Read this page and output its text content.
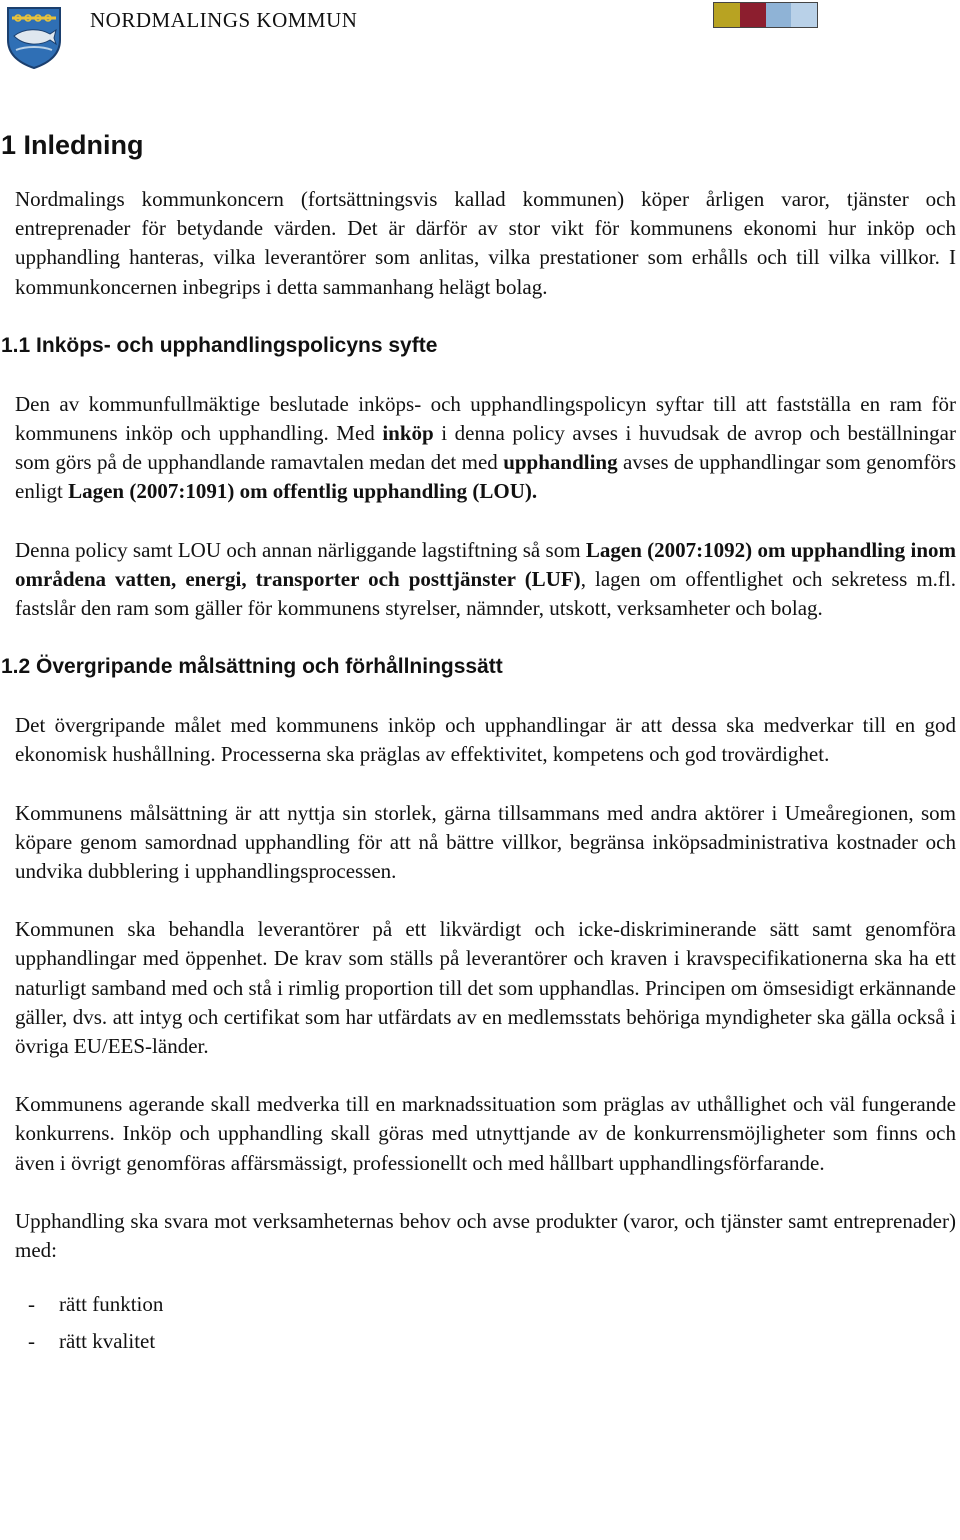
NORDMALINGS KOMMUN
1 Inledning

Nordmalings kommunkoncern (fortsättningsvis kallad kommunen) köper årligen varor, tjänster och entreprenader för betydande värden. Det är därför av stor vikt för kommunens ekonomi hur inköp och upphandling hanteras, vilka leverantörer som anlitas, vilka prestationer som erhålls och till vilka villkor. I kommunkoncernen inbegrips i detta sammanhang helägt bolag.

1.1 Inköps- och upphandlingspolicyns syfte

Den av kommunfullmäktige beslutade inköps- och upphandlingspolicyn syftar till att fastställa en ram för kommunens inköp och upphandling. Med inköp i denna policy avses i huvudsak de avrop och beställningar som görs på de upphandlande ramavtalen medan det med upphandling avses de upphandlingar som genomförs enligt Lagen (2007:1091) om offentlig upphandling (LOU).

Denna policy samt LOU och annan närliggande lagstiftning så som Lagen (2007:1092) om upphandling inom områdena vatten, energi, transporter och posttjänster (LUF), lagen om offentlighet och sekretess m.fl. fastslår den ram som gäller för kommunens styrelser, nämnder, utskott, verksamheter och bolag.

1.2 Övergripande målsättning och förhållningssätt

Det övergripande målet med kommunens inköp och upphandlingar är att dessa ska medverkar till en god ekonomisk hushållning. Processerna ska präglas av effektivitet, kompetens och god trovärdighet.

Kommunens målsättning är att nyttja sin storlek, gärna tillsammans med andra aktörer i Umeåregionen, som köpare genom samordnad upphandling för att nå bättre villkor, begränsa inköpsadministrativa kostnader och undvika dubblering i upphandlingsprocessen.

Kommunen ska behandla leverantörer på ett likvärdigt och icke-diskriminerande sätt samt genomföra upphandlingar med öppenhet. De krav som ställs på leverantörer och kraven i kravspecifikationerna ska ha ett naturligt samband med och stå i rimlig proportion till det som upphandlas. Principen om ömsesidigt erkännande gäller, dvs. att intyg och certifikat som har utfärdats av en medlemsstats behöriga myndigheter ska gälla också i övriga EU/EES-länder.

Kommunens agerande skall medverka till en marknadssituation som präglas av uthållighet och väl fungerande konkurrens. Inköp och upphandling skall göras med utnyttjande av de konkurrensmöjligheter som finns och även i övrigt genomföras affärsmässigt, professionellt och med hållbart upphandlingsförfarande.

Upphandling ska svara mot verksamheternas behov och avse produkter (varor, och tjänster samt entreprenader) med:

- rätt funktion
- rätt kvalitet
